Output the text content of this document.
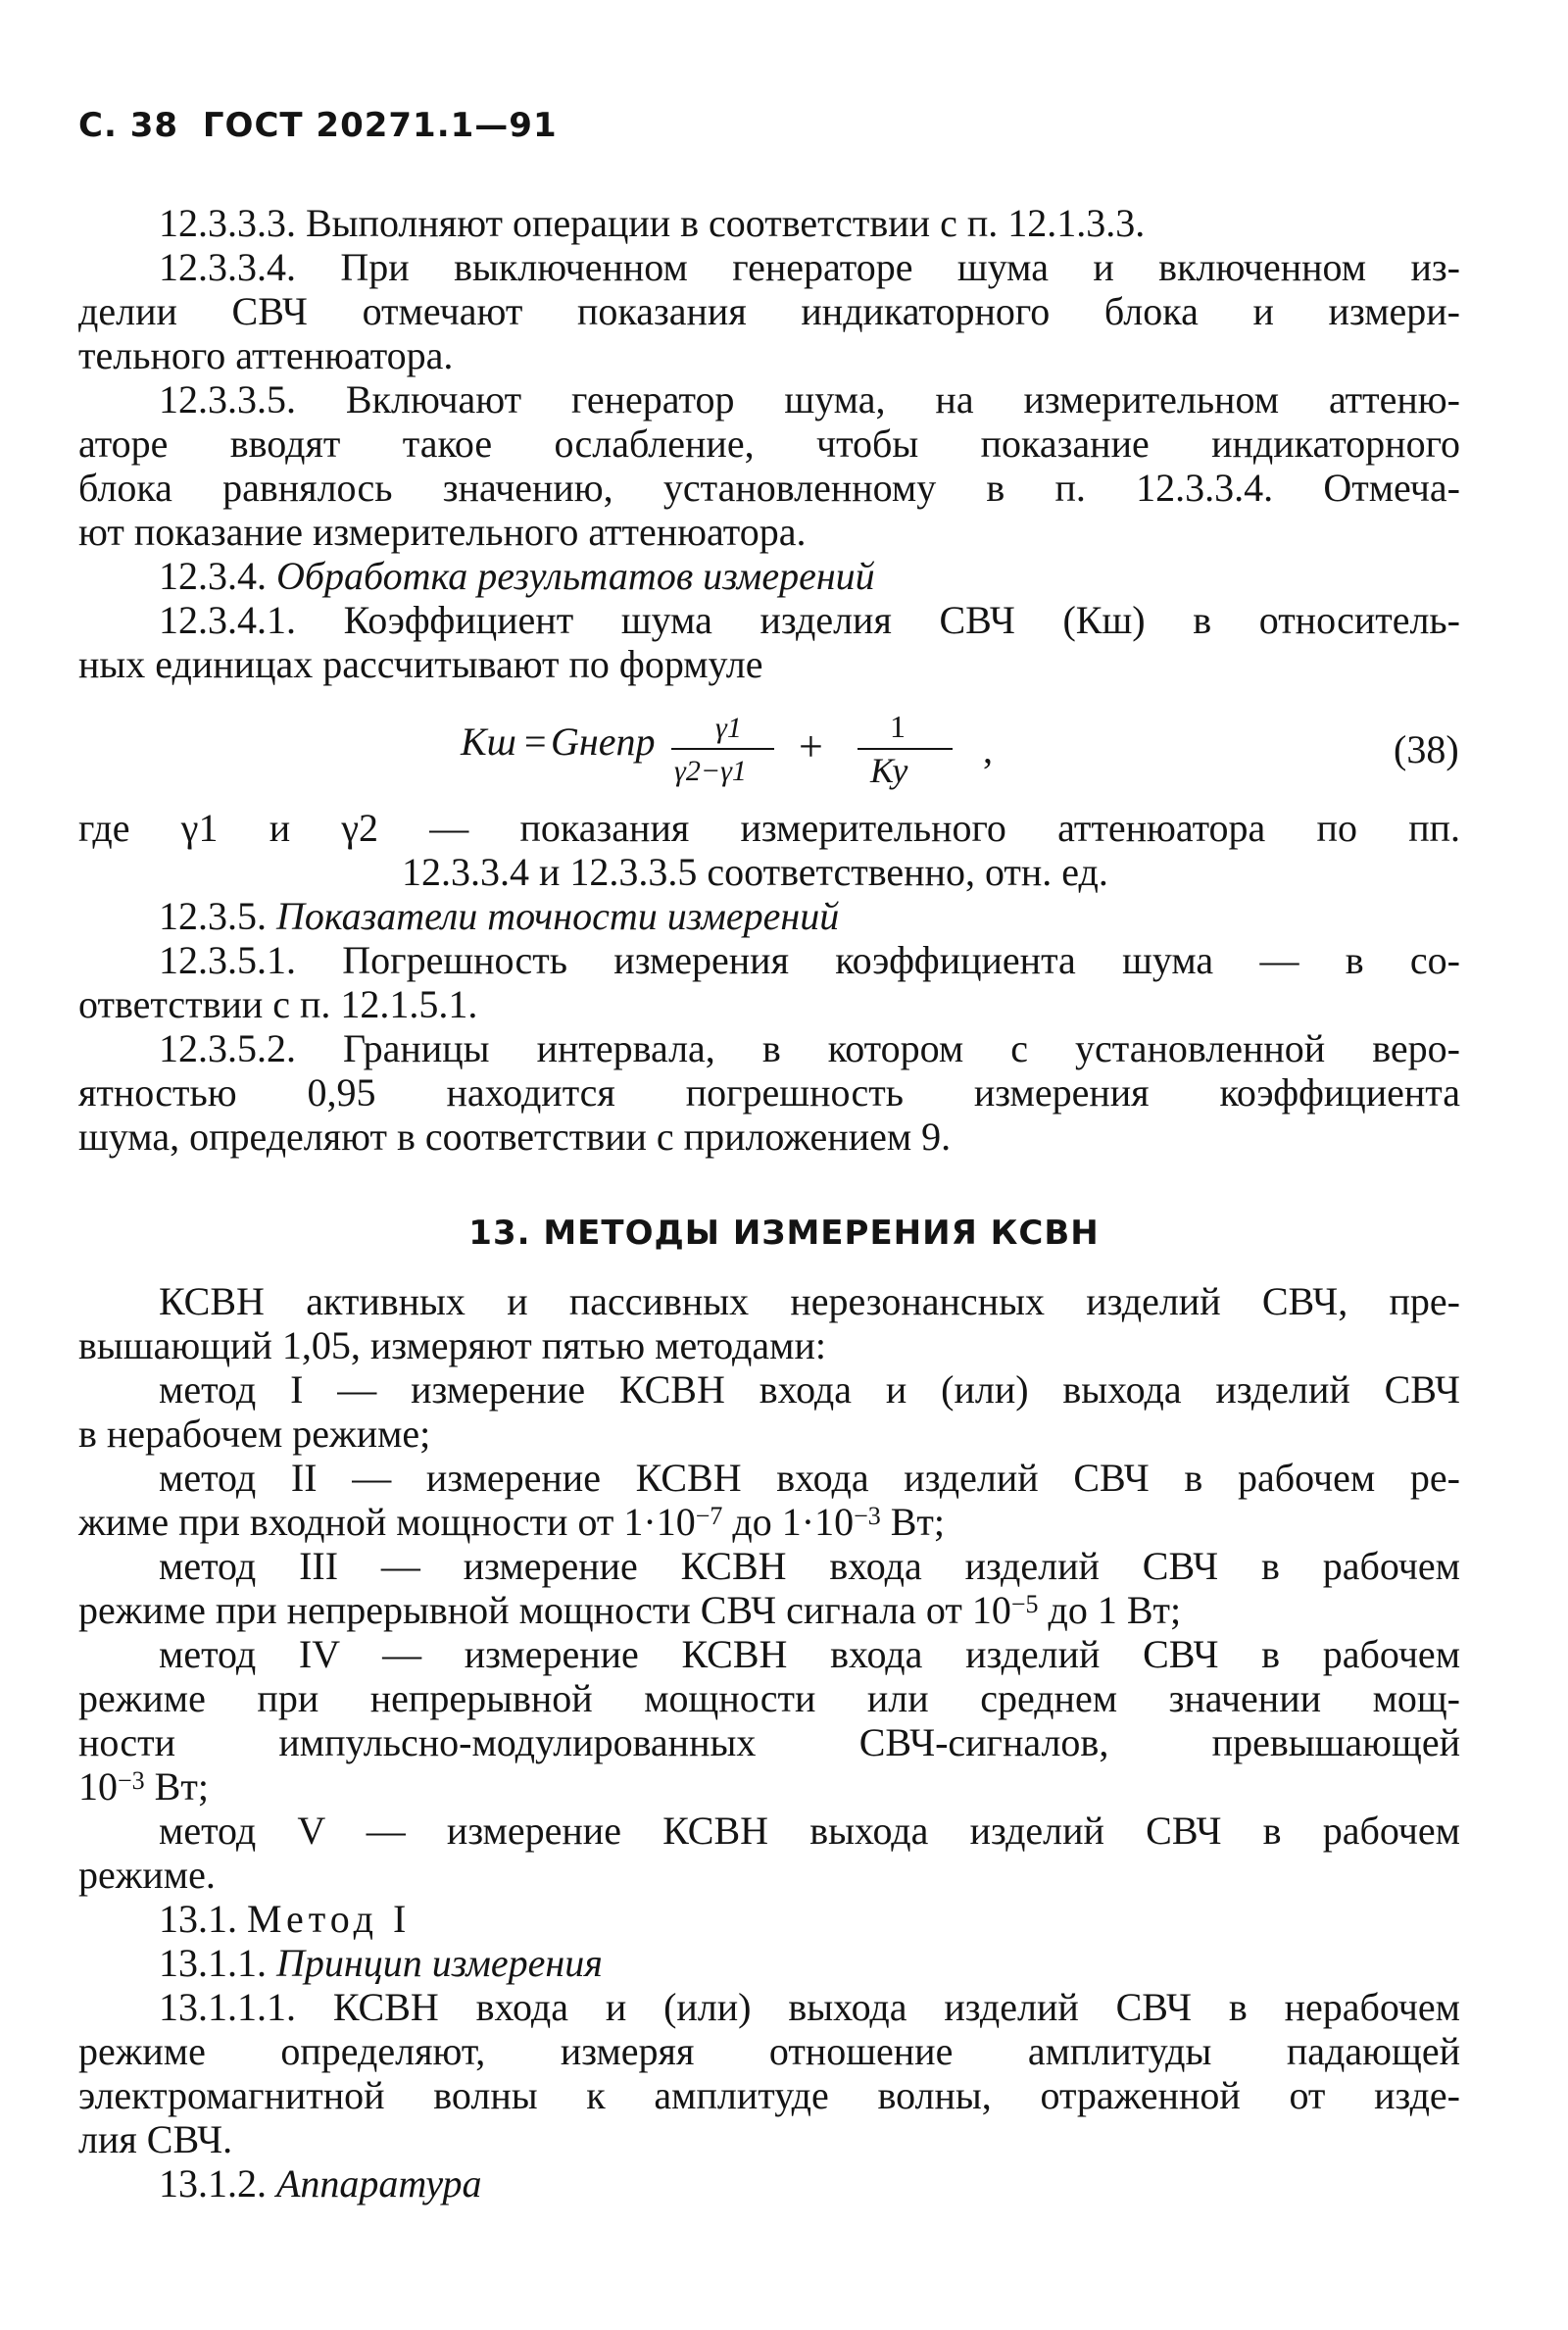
С. 38 ГОСТ 20271.1—91
12.3.3.3. Выполняют операции в соответствии с п. 12.1.3.3.
12.3.3.4. При выключенном генераторе шума и включенном из-
делии СВЧ отмечают показания индикаторного блока и измери-
тельного аттенюатора.
12.3.3.5. Включают генератор шума, на измерительном аттеню-
аторе вводят такое ослабление, чтобы показание индикаторного
блока равнялось значению, установленному в п. 12.3.3.4. Отмеча-
ют показание измерительного аттенюатора.
12.3.4. Обработка результатов измерений
12.3.4.1. Коэффициент шума изделия СВЧ (Кш) в относитель-
ных единицах рассчитывают по формуле
Кш = Gнепр γ1
γ2−γ1
+ 1
Ку ,	(38)
где γ1 и γ2 — показания измерительного аттенюатора по пп.
12.3.3.4 и 12.3.3.5 соответственно, отн. ед.
12.3.5. Показатели точности измерений
12.3.5.1. Погрешность измерения коэффициента шума — в со-
ответствии с п. 12.1.5.1.
12.3.5.2. Границы интервала, в котором с установленной веро-
ятностью 0,95 находится погрешность измерения коэффициента
шума, определяют в соответствии с приложением 9.
13. МЕТОДЫ ИЗМЕРЕНИЯ КСВН
КСВН активных и пассивных нерезонансных изделий СВЧ, пре-
вышающий 1,05, измеряют пятью методами:
метод I — измерение КСВН входа и (или) выхода изделий СВЧ
в нерабочем режиме;
метод II — измерение КСВН входа изделий СВЧ в рабочем ре-
жиме при входной мощности от $1\cdot 10^{-7}$ до $1\cdot 10^{-3}$ Вт;
метод III — измерение КСВН входа изделий СВЧ в рабочем
режиме при непрерывной мощности СВЧ сигнала от $10^{-5}$ до 1 Вт;
метод IV — измерение КСВН входа изделий СВЧ в рабочем
режиме при непрерывной мощности или среднем значении мощ-
ности импульсно-модулированных СВЧ-сигналов, превышающей
$10^{-3}$ Вт;
метод V — измерение КСВН выхода изделий СВЧ в рабочем
режиме.
13.1. Метод I
13.1.1. Принцип измерения
13.1.1.1. КСВН входа и (или) выхода изделий СВЧ в нерабочем
режиме определяют, измеряя отношение амплитуды падающей
электромагнитной волны к амплитуде волны, отраженной от изде-
лия СВЧ.
13.1.2. Аппаратура
